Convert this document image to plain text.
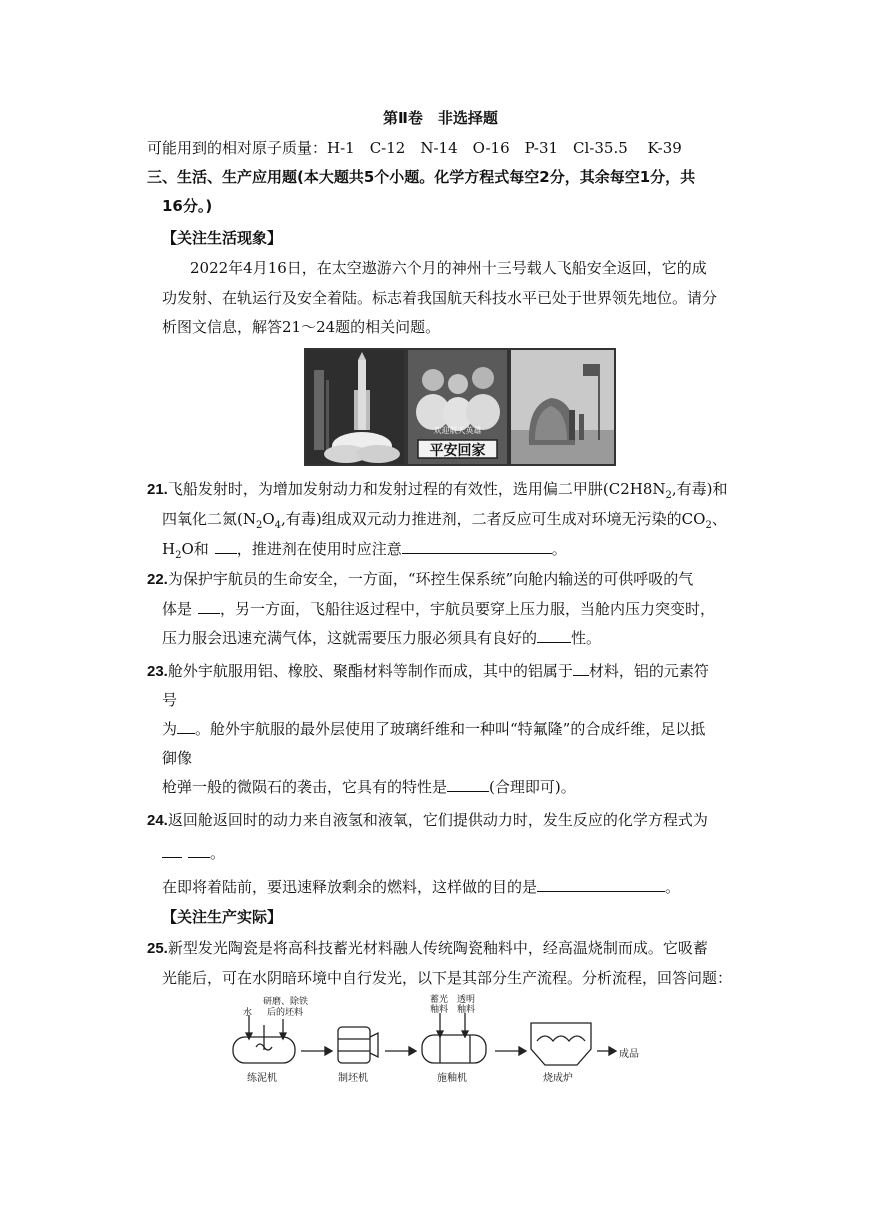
第Ⅱ卷　非选择题
可能用到的相对原子质量：H-1　C-12　N-14　O-16　P-31　Cl-35.5　 K-39
三、生活、生产应用题(本大题共5个小题。化学方程式每空2分，其余每空1分，共
16分。)
【关注生活现象】
2022年4月16日，在太空遨游六个月的神州十三号载人飞船安全返回，它的成
功发射、在轨运行及安全着陆。标志着我国航天科技水平已处于世界领先地位。请分
析图文信息，解答21～24题的相关问题。
欢迎航天英雄
平安回家
21.飞船发射时，为增加发射动力和发射过程的有效性，选用偏二甲肼($C2H8N_2$,有毒)和
四氧化二氮($N_2O_4$,有毒)组成双元动力推进剂，二者反应可生成对环境无污染的$CO_2$、
$H_2O$和 ，推进剂在使用时应注意	。
22.为保护宇航员的生命安全，一方面，“环控生保系统”向舱内输送的可供呼吸的气
体是 ，另一方面，飞船往返过程中，宇航员要穿上压力服，当舱内压力突变时，
压力服会迅速充满气体，这就需要压力服必须具有良好的 性。
23.舱外宇航服用铝、橡胶、聚酯材料等制作而成，其中的铝属于 材料，铝的元素符
号
为 。舱外宇航服的最外层使用了玻璃纤维和一种叫“特氟隆”的合成纤维，足以抵
御像
枪弹一般的微陨石的袭击，它具有的特性是	(合理即可)。
24.返回舱返回时的动力来自液氢和液氧，它们提供动力时，发生反应的化学方程式为
。
在即将着陆前，要迅速释放剩余的燃料，这样做的目的是	。
【关注生产实际】
25.新型发光陶瓷是将高科技蓄光材料融人传统陶瓷釉料中，经高温烧制而成。它吸蓄
光能后，可在水阴暗环境中自行发光，以下是其部分生产流程。分析流程，回答问题：
水
研磨、除铁
后的坯料
蓄光
釉料
透明
釉料
练泥机	制坯机	施釉机	烧成炉
成品
